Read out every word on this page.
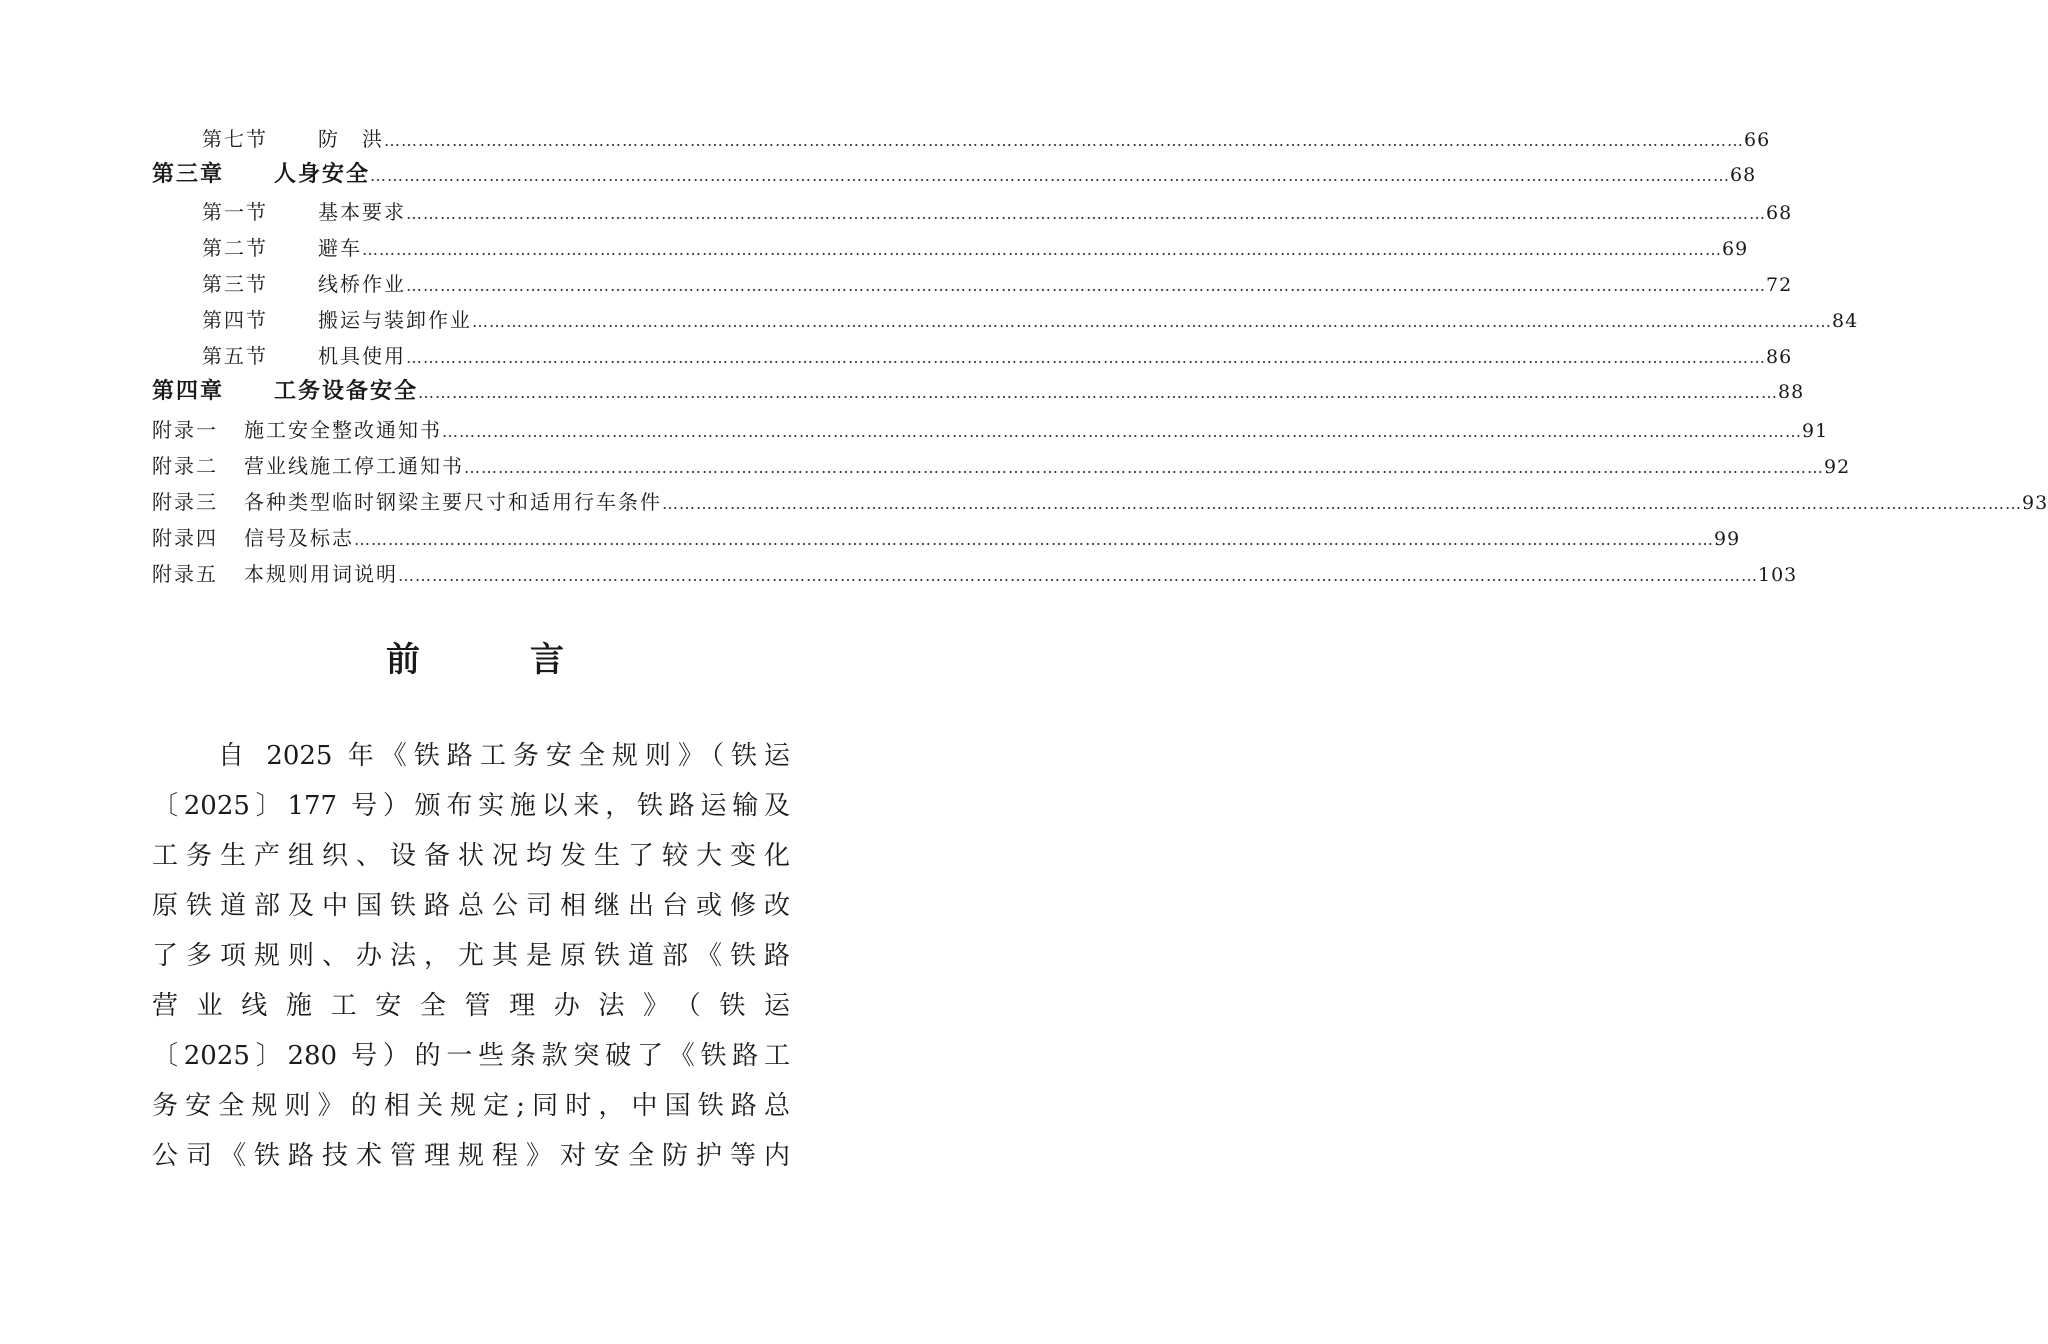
第七节	防　洪 …………………………………………………………………………………………………………………………………………………………………………………………………………………… 66
第三章 人身安全 …………………………………………………………………………………………………………………………………………………………………………………………………………………… 68
第一节	基本要求 …………………………………………………………………………………………………………………………………………………………………………………………………………………… 68
第二节	避车 …………………………………………………………………………………………………………………………………………………………………………………………………………………… 69
第三节	线桥作业 …………………………………………………………………………………………………………………………………………………………………………………………………………………… 72
第四节	搬运与装卸作业 …………………………………………………………………………………………………………………………………………………………………………………………………………………… 84
第五节	机具使用 …………………………………………………………………………………………………………………………………………………………………………………………………………………… 86
第四章 工务设备安全 …………………………………………………………………………………………………………………………………………………………………………………………………………………… 88
附录一 施工安全整改通知书 …………………………………………………………………………………………………………………………………………………………………………………………………………………… 91
附录二 营业线施工停工通知书 …………………………………………………………………………………………………………………………………………………………………………………………………………………… 92
附录三 各种类型临时钢梁主要尺寸和适用行车条件 …………………………………………………………………………………………………………………………………………………………………………………………………………………… 93
附录四 信号及标志 …………………………………………………………………………………………………………………………………………………………………………………………………………………… 99
附录五 本规则用词说明 …………………………………………………………………………………………………………………………………………………………………………………………………………………… 103
前言
自 2025 年《铁路工务安全规则》（铁运
〔2025〕177 号）颁布实施以来，铁路运输及
工务生产组织、设备状况均发生了较大变化
原铁道部及中国铁路总公司相继出台或修改
了多项规则、办法，尤其是原铁道部《铁路
营业线施工安全管理办法》（铁运
〔2025〕280 号）的一些条款突破了《铁路工
务安全规则》的相关规定;同时，中国铁路总
公司《铁路技术管理规程》对安全防护等内
